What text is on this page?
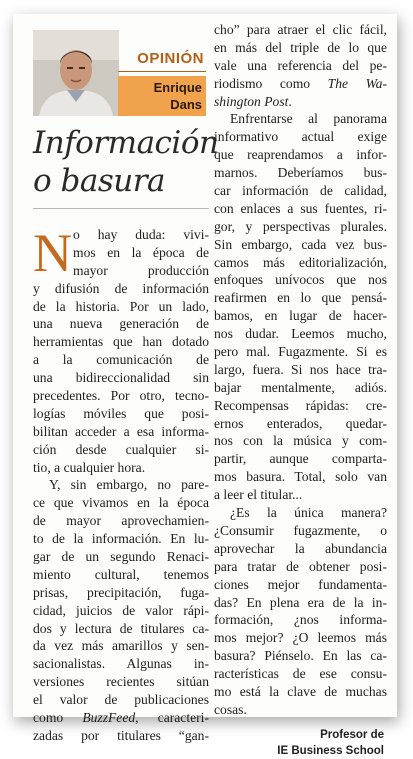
OPINIÓN
Enrique
Dans
Información
o basura
N o hay duda: vivi-
mos en la época de
mayor producción
y difusión de información
de la historia. Por un lado,
una nueva generación de
herramientas que han dotado
a la comunicación de
una bidireccionalidad sin
precedentes. Por otro, tecno-
logías móviles que posi-
bilitan acceder a esa informa-
ción desde cualquier si-
tio, a cualquier hora.
Y, sin embargo, no pare-
ce que vivamos en la época
de mayor aprovechamien-
to de la información. En lu-
gar de un segundo Renaci-
miento cultural, tenemos
prisas, precipitación, fuga-
cidad, juicios de valor rápi-
dos y lectura de titulares ca-
da vez más amarillos y sen-
sacionalistas. Algunas in-
versiones recientes sitúan
el valor de publicaciones
como BuzzFeed, caracteri-
zadas por titulares “gan-
cho” para atraer el clic fácil,
en más del triple de lo que
vale una referencia del pe-
riodismo como The Wa-
shington Post.
Enfrentarse al panorama
informativo actual exige
que reaprendamos a infor-
marnos. Deberíamos bus-
car información de calidad,
con enlaces a sus fuentes, ri-
gor, y perspectivas plurales.
Sin embargo, cada vez bus-
camos más editorialización,
enfoques unívocos que nos
reafirmen en lo que pensá-
bamos, en lugar de hacer-
nos dudar. Leemos mucho,
pero mal. Fugazmente. Si es
largo, fuera. Si nos hace tra-
bajar mentalmente, adiós.
Recompensas rápidas: cre-
ernos enterados, quedar-
nos con la música y com-
partir, aunque comparta-
mos basura. Total, solo van
a leer el titular...
¿Es la única manera?
¿Consumir fugazmente, o
aprovechar la abundancia
para tratar de obtener posi-
ciones mejor fundamenta-
das? En plena era de la in-
formación, ¿nos informa-
mos mejor? ¿O leemos más
basura? Piénselo. En las ca-
racterísticas de ese consu-
mo está la clave de muchas
cosas.
Profesor de
IE Business School
